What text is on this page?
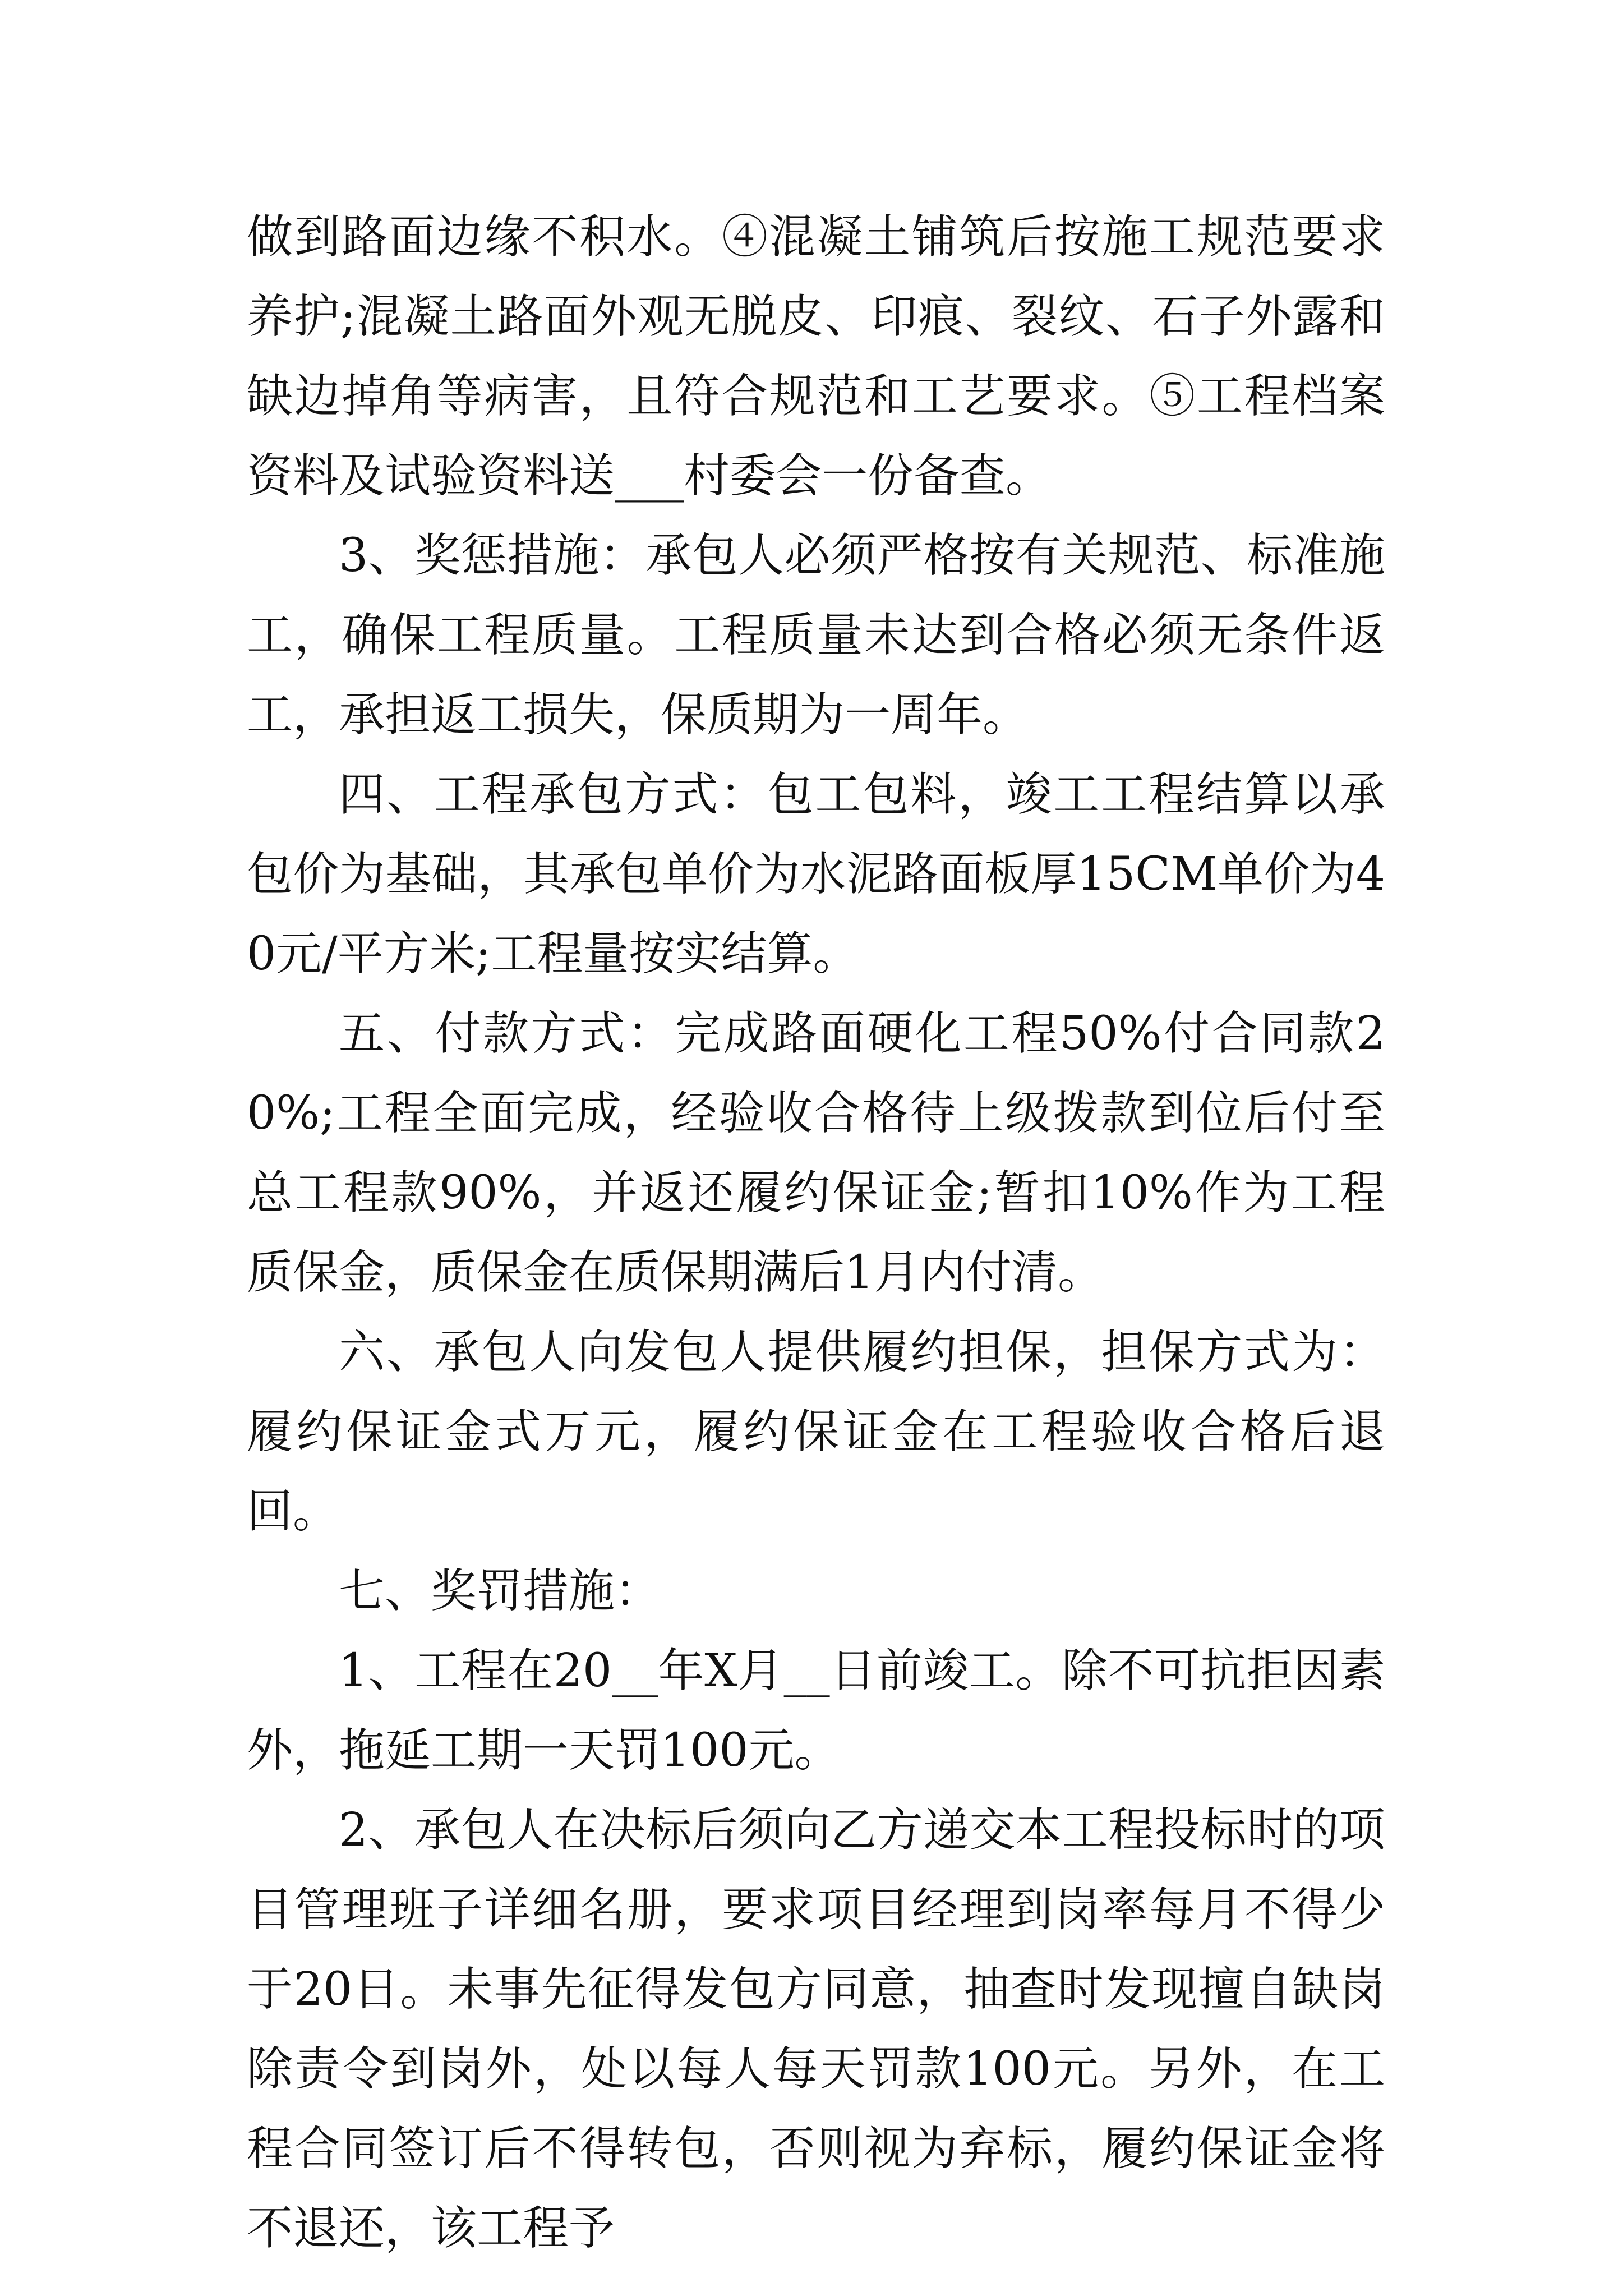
做到路面边缘不积水。④混凝土铺筑后按施工规范要求养护;混凝土路面外观无脱皮、印痕、裂纹、石子外露和缺边掉角等病害，且符合规范和工艺要求。⑤工程档案资料及试验资料送___村委会一份备查。

3、奖惩措施：承包人必须严格按有关规范、标准施工，确保工程质量。工程质量未达到合格必须无条件返工，承担返工损失，保质期为一周年。

四、工程承包方式：包工包料，竣工工程结算以承包价为基础，其承包单价为水泥路面板厚15CM单价为40元/平方米;工程量按实结算。

五、付款方式：完成路面硬化工程50%付合同款20%;工程全面完成，经验收合格待上级拨款到位后付至总工程款90%，并返还履约保证金;暂扣10%作为工程质保金，质保金在质保期满后1月内付清。

六、承包人向发包人提供履约担保，担保方式为：履约保证金式万元，履约保证金在工程验收合格后退回。

七、奖罚措施：

1、工程在20__年X月__日前竣工。除不可抗拒因素外，拖延工期一天罚100元。

2、承包人在决标后须向乙方递交本工程投标时的项目管理班子详细名册，要求项目经理到岗率每月不得少于20日。未事先征得发包方同意，抽查时发现擅自缺岗除责令到岗外，处以每人每天罚款100元。另外，在工程合同签订后不得转包，否则视为弃标，履约保证金将不退还，该工程予
